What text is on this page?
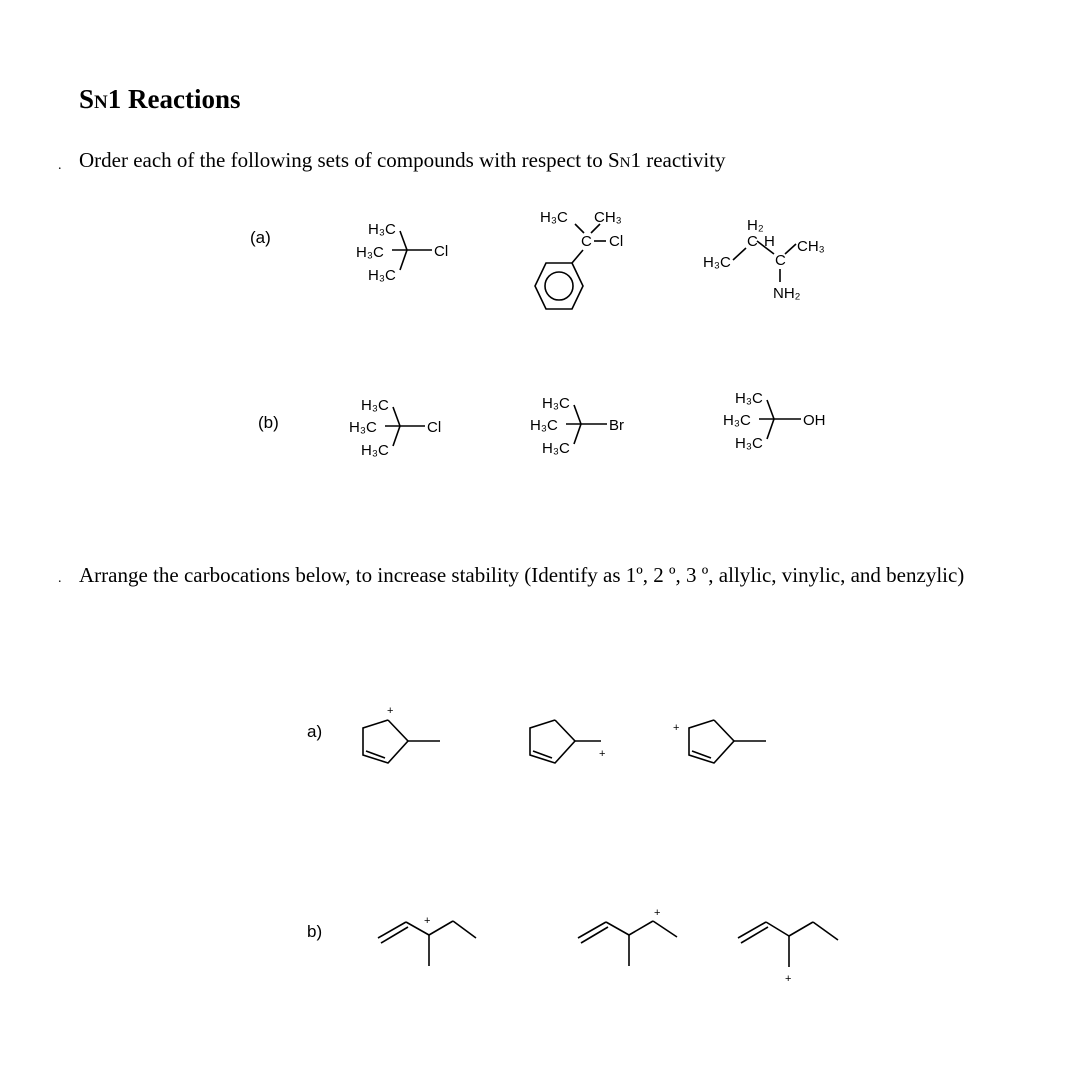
SN1 Reactions
. Order each of the following sets of compounds with respect to SN1 reactivity
(a)
(b)
. Arrange the carbocations below, to increase stability (Identify as 1º, 2 º, 3 º, allylic, vinylic, and benzylic)
a)
b)
H₃C
H₃C
H₃C
Cl
H₃C CH₃
C Cl
H₂
C H CH₃
H₃C	C
NH₂
H₃C
H₃C
H₃C
Cl
H₃C
H₃C
H₃C
Br
H₃C
H₃C
H₃C
OH
+
+
+
+
+
+
